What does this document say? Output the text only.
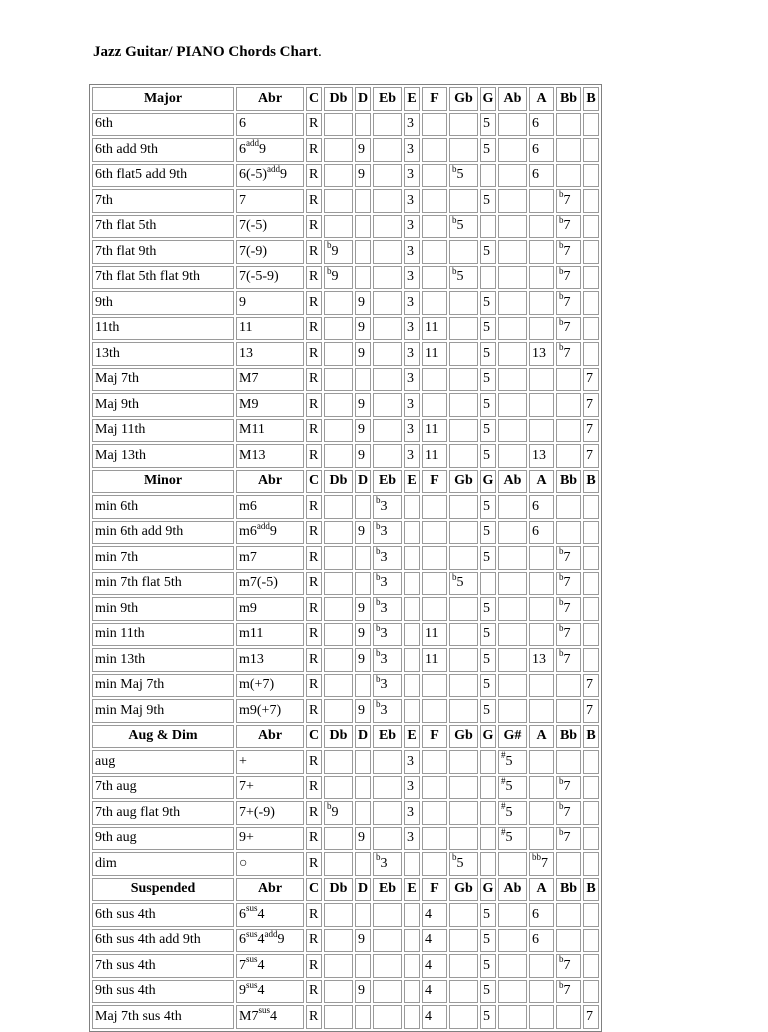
Jazz Guitar/ PIANO Chords Chart.
Major	Abr	C	Db	D	Eb	E	F	Gb	G	Ab	A	Bb	B
6th	6	R				3			5		6		
6th add 9th	$6^{add}9$	R		9		3			5		6		
6th flat5 add 9th	$6(-5)^{add}9$	R		9		3		$^b$5			6		
7th	7	R				3			5			$^b$7	
7th flat 5th	7(-5)	R				3		$^b$5				$^b$7	
7th flat 9th	7(-9)	R	$^b$9			3			5			$^b$7	
7th flat 5th flat 9th	7(-5-9)	R	$^b$9			3		$^b$5				$^b$7	
9th	9	R		9		3			5			$^b$7	
11th	11	R		9		3	11		5			$^b$7	
13th	13	R		9		3	11		5		13	$^b$7	
Maj 7th	M7	R				3			5				7
Maj 9th	M9	R		9		3			5				7
Maj 11th	M11	R		9		3	11		5				7
Maj 13th	M13	R		9		3	11		5		13		7
Minor	Abr	C	Db	D	Eb	E	F	Gb	G	Ab	A	Bb	B
min 6th	m6	R			$^b$3				5		6		
min 6th add 9th	$m6^{add}9$	R		9	$^b$3				5		6		
min 7th	m7	R			$^b$3				5			$^b$7	
min 7th flat 5th	m7(-5)	R			$^b$3			$^b$5				$^b$7	
min 9th	m9	R		9	$^b$3				5			$^b$7	
min 11th	m11	R		9	$^b$3		11		5			$^b$7	
min 13th	m13	R		9	$^b$3		11		5		13	$^b$7	
min Maj 7th	m(+7)	R			$^b$3				5				7
min Maj 9th	m9(+7)	R		9	$^b$3				5				7
Aug & Dim	Abr	C	Db	D	Eb	E	F	Gb	G	G#	A	Bb	B
aug	+	R				3				#5			
7th aug	7+	R				3				#5		$^b$7	
7th aug flat 9th	7+(-9)	R	$^b$9			3				#5		$^b$7	
9th aug	9+	R		9		3				#5		$^b$7	
dim	○	R			$^b$3			$^b$5			$^{bb}$7		
Suspended	Abr	C	Db	D	Eb	E	F	Gb	G	Ab	A	Bb	B
6th sus 4th	$6^{sus}4$	R					4		5		6		
6th sus 4th add 9th	$6^{sus}4^{add}9$	R		9			4		5		6		
7th sus 4th	$7^{sus}4$	R					4		5			$^b$7	
9th sus 4th	$9^{sus}4$	R		9			4		5			$^b$7	
Maj 7th sus 4th	$M7^{sus}4$	R					4		5				7
